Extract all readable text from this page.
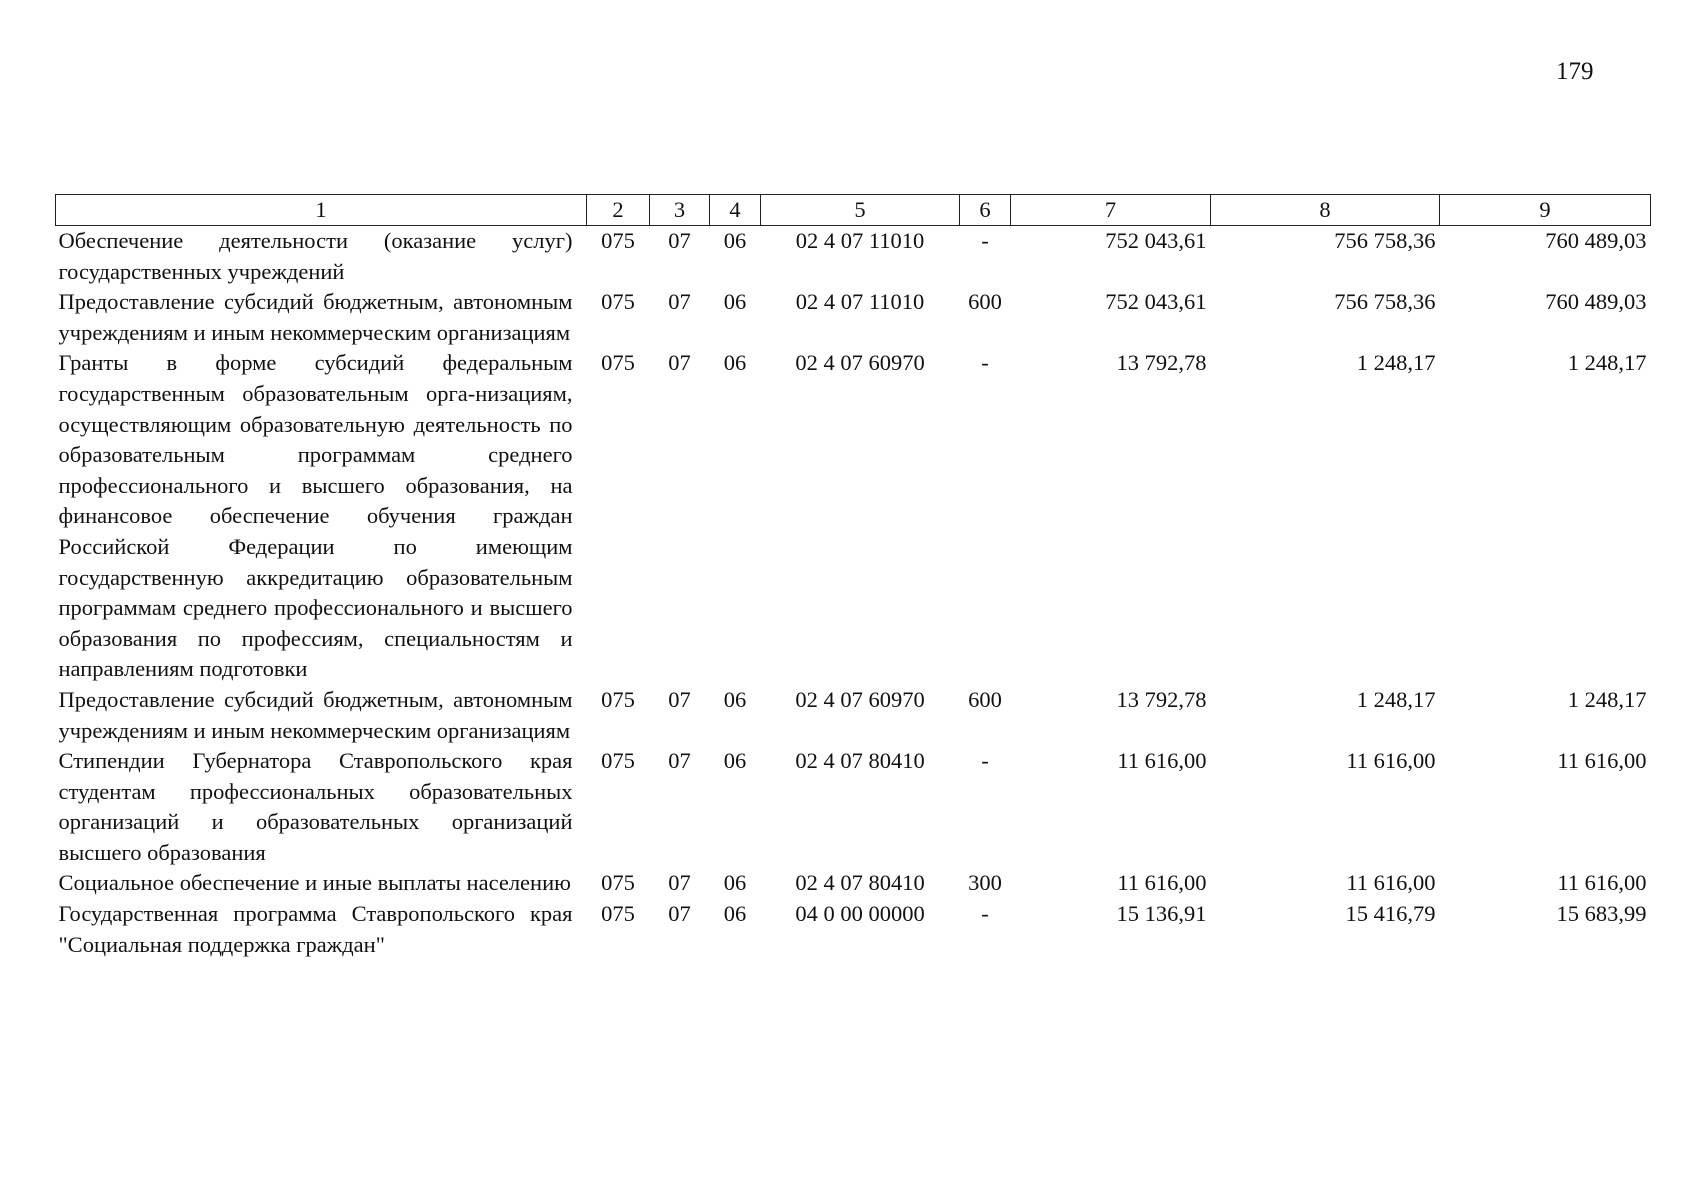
179
1	2	3	4	5	6	7	8	9
Обеспечение деятельности (оказание услуг) государственных учреждений	075	07	06	02 4 07 11010	-	752 043,61	756 758,36	760 489,03
Предоставление субсидий бюджетным, автономным учреждениям и иным некоммерческим организациям	075	07	06	02 4 07 11010	600	752 043,61	756 758,36	760 489,03
Гранты в форме субсидий федеральным государственным образовательным орга-низациям, осуществляющим образовательную деятельность по образовательным программам среднего профессионального и высшего образования, на финансовое обеспечение обучения граждан Российской Федерации по имеющим государственную аккредитацию образовательным программам среднего профессионального и высшего образования по профессиям, специальностям и направлениям подготовки	075	07	06	02 4 07 60970	-	13 792,78	1 248,17	1 248,17
Предоставление субсидий бюджетным, автономным учреждениям и иным некоммерческим организациям	075	07	06	02 4 07 60970	600	13 792,78	1 248,17	1 248,17
Стипендии Губернатора Ставропольского края студентам профессиональных образовательных организаций и образовательных организаций высшего образования	075	07	06	02 4 07 80410	-	11 616,00	11 616,00	11 616,00
Социальное обеспечение и иные выплаты населению	075	07	06	02 4 07 80410	300	11 616,00	11 616,00	11 616,00
Государственная программа Ставропольского края "Социальная поддержка граждан"	075	07	06	04 0 00 00000	-	15 136,91	15 416,79	15 683,99
